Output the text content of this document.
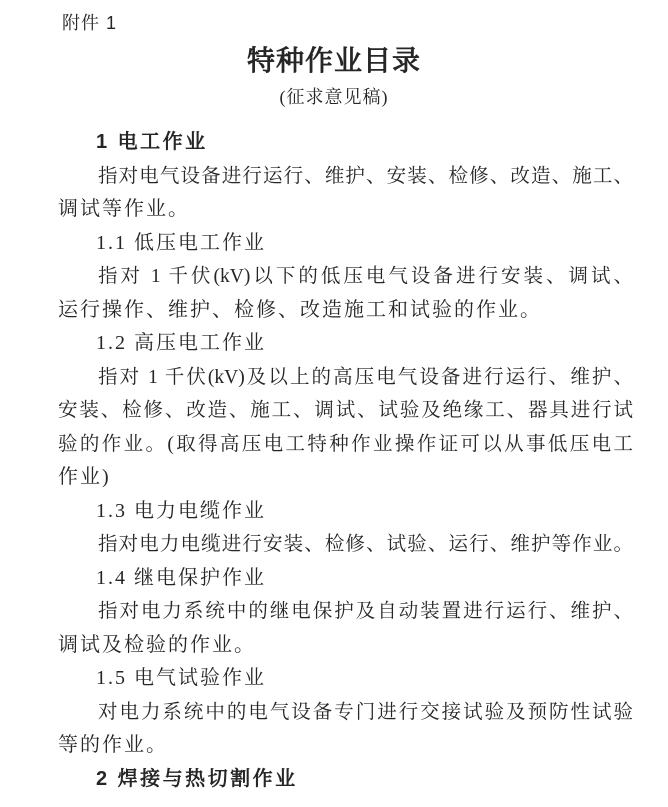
附件 1
特种作业目录
(征求意见稿)
1 电工作业
指对电气设备进行运行、维护、安装、检修、改造、施工、
调试等作业。
1.1 低压电工作业
指对 1 千伏(kV)以下的低压电气设备进行安装、调试、
运行操作、维护、检修、改造施工和试验的作业。
1.2 高压电工作业
指对 1 千伏(kV)及以上的高压电气设备进行运行、维护、
安装、检修、改造、施工、调试、试验及绝缘工、器具进行试
验的作业。(取得高压电工特种作业操作证可以从事低压电工
作业)
1.3 电力电缆作业
指对电力电缆进行安装、检修、试验、运行、维护等作业。
1.4 继电保护作业
指对电力系统中的继电保护及自动装置进行运行、维护、
调试及检验的作业。
1.5 电气试验作业
对电力系统中的电气设备专门进行交接试验及预防性试验
等的作业。
2 焊接与热切割作业
